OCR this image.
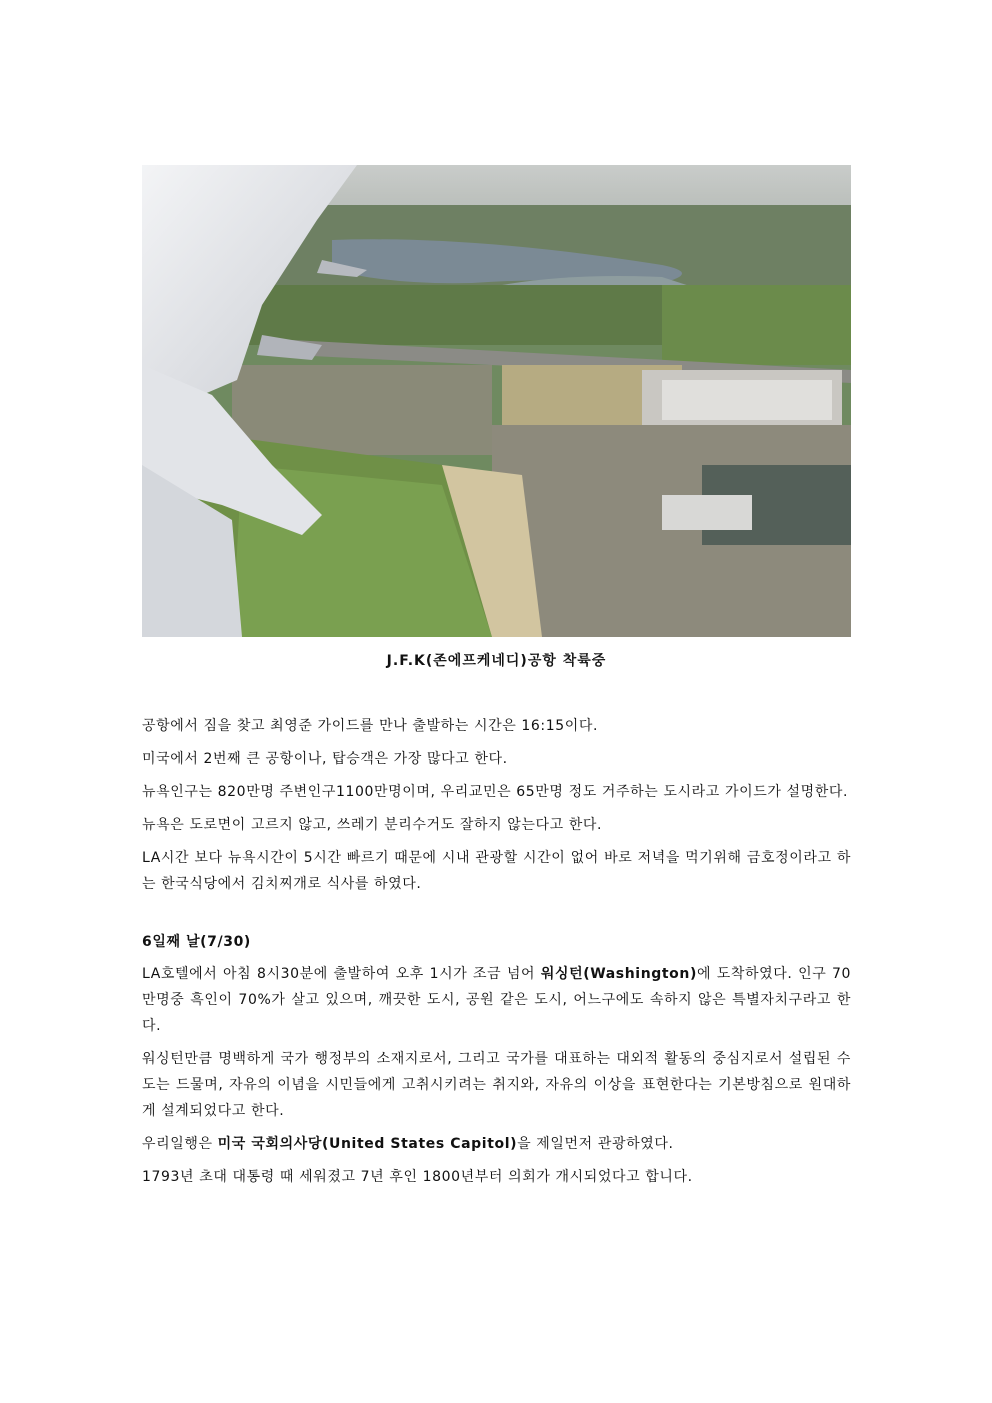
J.F.K(존에프케네디)공항 착륙중

공항에서 짐을 찾고 최영준 가이드를 만나 출발하는 시간은 16:15이다.

미국에서 2번째 큰 공항이나, 탑승객은 가장 많다고 한다.

뉴욕인구는 820만명 주변인구1100만명이며, 우리교민은 65만명 정도 거주하는 도시라고 가이드가 설명한다.

뉴욕은 도로면이 고르지 않고, 쓰레기 분리수거도 잘하지 않는다고 한다.

LA시간 보다 뉴욕시간이 5시간 빠르기 때문에 시내 관광할 시간이 없어 바로 저녁을 먹기위해 금호정이라고 하는 한국식당에서 김치찌개로 식사를 하였다.

6일째 날(7/30)

LA호텔에서 아침 8시30분에 출발하여 오후 1시가 조금 넘어 워싱턴(Washington)에 도착하였다. 인구 70만명중 흑인이 70%가 살고 있으며, 깨끗한 도시, 공원 같은 도시, 어느구에도 속하지 않은 특별자치구라고 한다.

워싱턴만큼 명백하게 국가 행정부의 소재지로서, 그리고 국가를 대표하는 대외적 활동의 중심지로서 설립된 수도는 드물며, 자유의 이념을 시민들에게 고취시키려는 취지와, 자유의 이상을 표현한다는 기본방침으로 원대하게 설계되었다고 한다.

우리일행은 미국 국회의사당(United States Capitol)을 제일먼저 관광하였다.

1793년 초대 대통령 때 세워졌고 7년 후인 1800년부터 의회가 개시되었다고 합니다.
